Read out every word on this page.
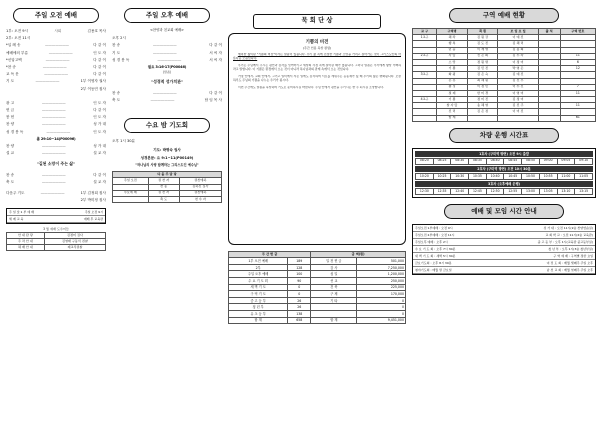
주일 오전 예배
1부: 오전 9시	사회	김용호 목사
2부: 오전 11시
*입 례 송	———————	다 같 이
예배에의 부름	———————	인 도 자
*신앙고백	———————	다 같 이
*찬 송	———————	다 같 이
교 독 문	———————	다 같 이
기 도	———————	1부 이영자 권사
2부 이동민 집사
광 고	———————	인 도 자
헌 금	———————	다 같 이
봉 헌	———————	인 도 자
찬 양	———————	성 가 대
성 경 봉 독	———————	인 도 자
롬 29:10~14(P00096)
찬 양	———————	성 가 대
설 교	———————	설 교 자
"길된 소망이 주는 삶"
찬 송	———————	다 같 이
축 도	———————	설 교 자
다음주 기도	———————	1부 김정희 집사
2부 박미정 집사
주 일 낮 1 부 예 배	주일 오전 9시
세 례 교 육	예배 후 교육관
3 월 예배 도우미들
안 내 담 당	김정미 집사
주 차 안 내	김영태 구동식 권찰
헤 배 안 내	제교직권찰
주일 오후 예배
<찬양과 친교회 예배>
오후 2시
찬 송	———————	다 같 이
기 도	———————	서 씨 자
성 경 봉 독	———————	서 씨 자
필요 3:16-17(P00046)
(말씀)
"성경적 성가치관"
찬 송	———————	다 같 이
축 도	———————	담 임 목 사
수요 밤 기도회
오후 1시 30분
기도: 박병숙 권사
성경본문: 요 9:1~11(P00149)
"하나님의 사랑 함께하는 그리스도인 예수님"
다 음 주 담 당		
주일 오전	권 찬 자	권찬애하
	찬 송	김하진 집사
수요예 배	권 찬 자	권찬애하
	축 도	천 수 자
묵 회 단 상
기쁨의 비전
(주간 인용 묵상 칼럼)

행복한 삶이란 "기쁨의 비전"이라는 말씀이 있습니다. 우리 삶 속에 진정한 기쁨과 소망을 가지고 살아가는 것이 그리스도인의 아름다운 모습입니다.

우리는 주님께서 주시는 평안과 감사를 잊어버리고 세상의 걱정 속에 살아갈 때가 많습니다. 그러나 말씀은 우리에게 항상 기뻐하라고 말합니다. 이 기쁨은 환경에서 오는 것이 아니라 하나님과의 관계 속에서 오는 것입니다.

가정 안에서, 교회 안에서, 그리고 일터에서 작은 일에도 감사하며 서로를 세워주는 공동체가 될 때 우리의 삶은 변화됩니다. 오늘 하루도 주님의 기쁨을 나누는 우리가 됩시다.

이번 주간에도 말씀을 묵상하며 기도로 준비하시길 바랍니다. 주님 안에서 평안을 누리시는 한 주 되시길 소망합니다.

주 간 헌 금		금 액(원)	
1부 오전 예배	189	일 천 헌 금	501,000
2부	128	감 사	7,250,000
주일 오후 예배	100	십 일	1,200,000
수 요 기 도 회	90	선 교	250,000
새 벽 기 도	0	건 축	225,000
구 역 기 도	0	구 제	170,000
중 고 등 부	26	기 타	0
청 년 부	26		0
유 초 등 부	138		0
합 계	658	합 계	9,451,000
구역 예배 현황
교 구	구역명	목 원	모 임 요 일	출 석	구역 번호
1교구	혜 라	김 원 강	이 예 진		
	행 복	김 도 진	김 혜 리		
	믿 음	이 재 영	김 용 희		
2교구	사 랑	신 은 희	김 수 라		11
	소 망	정 원 명	이 정 미		6
	기 쁨	김 민 진	박 영 은		12
3교구	화 평	김 은 숙	김 예 진		
	온 유	최 혜 원	김 진 우		
	충 성	이 정 민	이 수 진		7
	절 제	한 미 경	이 영 미		11
4교구	기 쁨	정 미 진	김 정 미		
	참 사 랑	송 혜 영	김 진 주		11
	진 리	김 은 정	이 미 진		
	합 계				61
차량 운행 시간표
1호차 (구미역 방면) 오전 9시 출발
08:20	08:25	08:30	08:35	08:40	08:45	08:50	09:00	09:05	09:10
2호차 (구미역 방면) 오전 10시 30분
10:20	10:25	10:30	10:35	10:40	10:45	10:50	10:55	11:00	11:05
3호차 (오후예배 운행)
12:30	12:35	12:40	12:45	12:50	12:55	13:00	13:05	13:10	13:15
예배 및 모임 시간 안내
주일오전 1부예배 : 오전 9시	성 가 대 : 오전 11시(2층 찬양연습실)
주일오전 2부예배 : 오전 11시	교 회 학 교 : 오전 11시(2층 교육관)
주일오후 예배 : 오후 2시	중 고 등 부 : 오후 1시(교육관 중고등부실)
수 요 기 도 회 : 오후 7시 30분	청 년 부 : 오후 1시(3층 청년부실)
새 벽 기 도 회 : 새벽 5시 30분	구 역 예 배 : 구역별 정한 요일
금요기도회 : 오후 8시 30분	여 전 도 회 : 매월 셋째주 주일 오후
철야기도회 : 매월 말 금요일	남 선 교 회 : 매월 첫째주 주일 오후
